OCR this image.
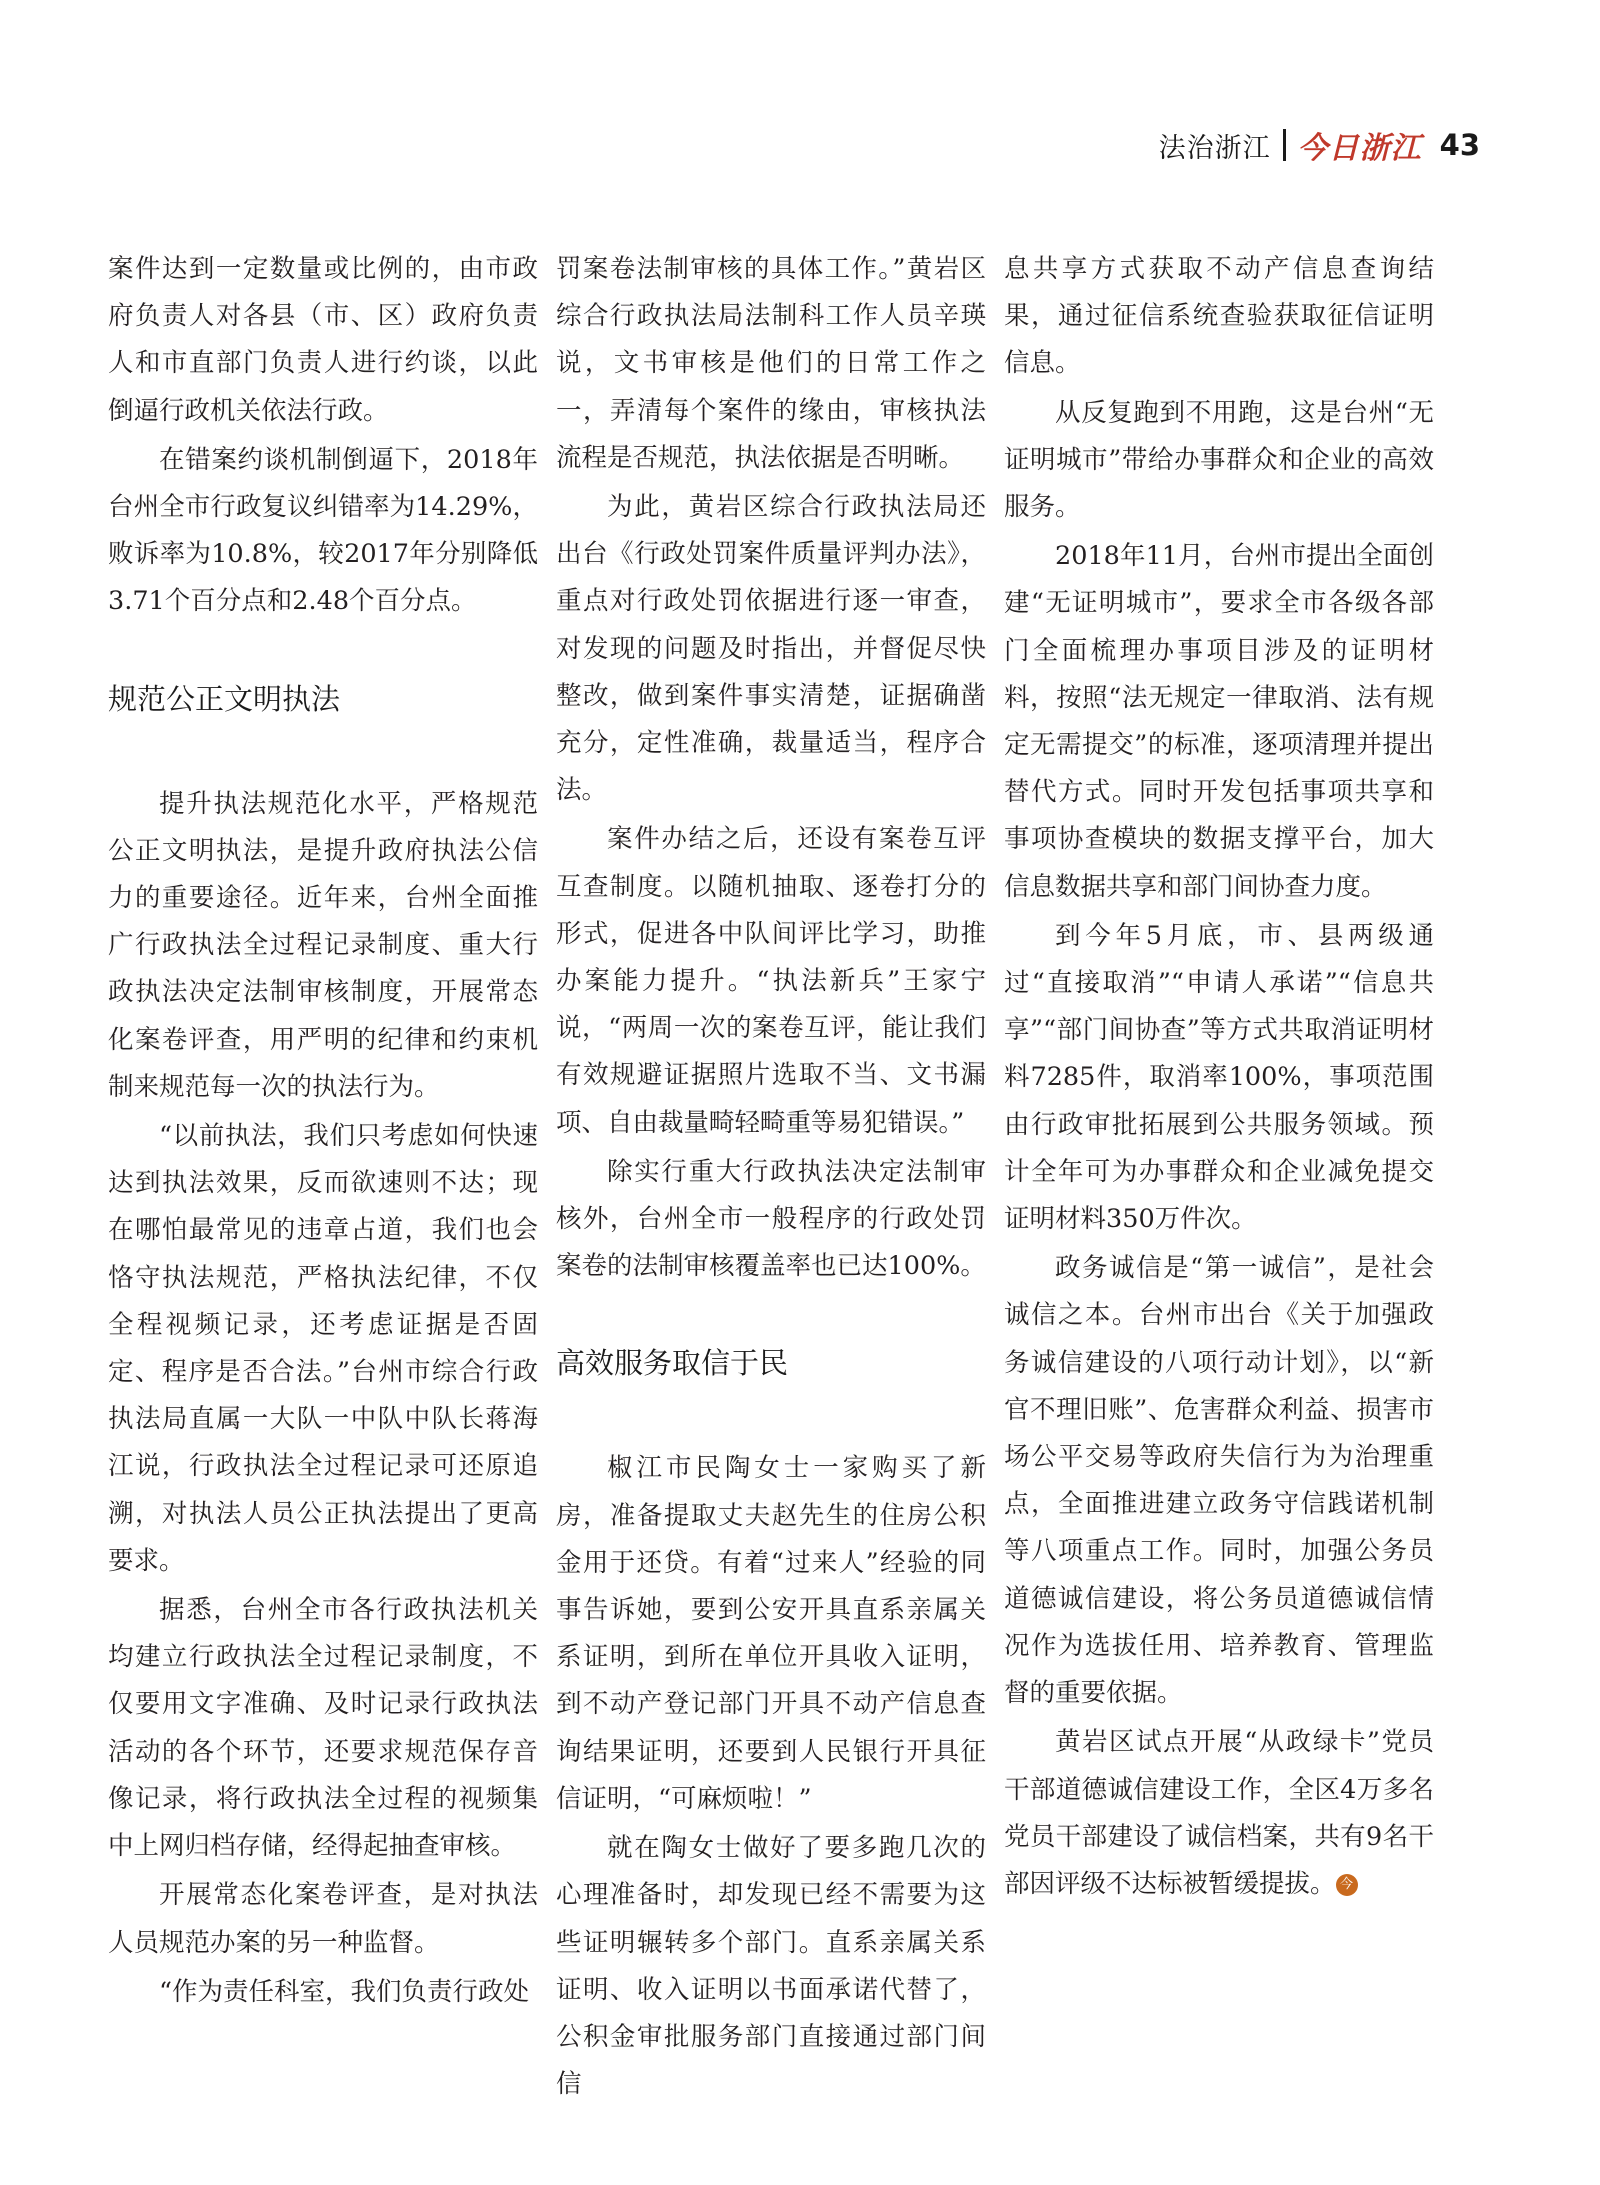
法治浙江 今日浙江 43

案件达到一定数量或比例的，由市政府负责人对各县（市、区）政府负责人和市直部门负责人进行约谈，以此倒逼行政机关依法行政。

在错案约谈机制倒逼下，2018年台州全市行政复议纠错率为14.29%，败诉率为10.8%，较2017年分别降低3.71个百分点和2.48个百分点。

规范公正文明执法

提升执法规范化水平，严格规范公正文明执法，是提升政府执法公信力的重要途径。近年来，台州全面推广行政执法全过程记录制度、重大行政执法决定法制审核制度，开展常态化案卷评查，用严明的纪律和约束机制来规范每一次的执法行为。

“以前执法，我们只考虑如何快速达到执法效果，反而欲速则不达；现在哪怕最常见的违章占道，我们也会恪守执法规范，严格执法纪律，不仅全程视频记录，还考虑证据是否固定、程序是否合法。”台州市综合行政执法局直属一大队一中队中队长蒋海江说，行政执法全过程记录可还原追溯，对执法人员公正执法提出了更高要求。

据悉，台州全市各行政执法机关均建立行政执法全过程记录制度，不仅要用文字准确、及时记录行政执法活动的各个环节，还要求规范保存音像记录，将行政执法全过程的视频集中上网归档存储，经得起抽查审核。

开展常态化案卷评查，是对执法人员规范办案的另一种监督。

“作为责任科室，我们负责行政处

罚案卷法制审核的具体工作。”黄岩区综合行政执法局法制科工作人员辛瑛说，文书审核是他们的日常工作之一，弄清每个案件的缘由，审核执法流程是否规范，执法依据是否明晰。

为此，黄岩区综合行政执法局还出台《行政处罚案件质量评判办法》，重点对行政处罚依据进行逐一审查，对发现的问题及时指出，并督促尽快整改，做到案件事实清楚，证据确凿充分，定性准确，裁量适当，程序合法。

案件办结之后，还设有案卷互评互查制度。以随机抽取、逐卷打分的形式，促进各中队间评比学习，助推办案能力提升。“执法新兵”王家宁说，“两周一次的案卷互评，能让我们有效规避证据照片选取不当、文书漏项、自由裁量畸轻畸重等易犯错误。”

除实行重大行政执法决定法制审核外，台州全市一般程序的行政处罚案卷的法制审核覆盖率也已达100%。

高效服务取信于民

椒江市民陶女士一家购买了新房，准备提取丈夫赵先生的住房公积金用于还贷。有着“过来人”经验的同事告诉她，要到公安开具直系亲属关系证明，到所在单位开具收入证明，到不动产登记部门开具不动产信息查询结果证明，还要到人民银行开具征信证明，“可麻烦啦！”

就在陶女士做好了要多跑几次的心理准备时，却发现已经不需要为这些证明辗转多个部门。直系亲属关系证明、收入证明以书面承诺代替了，公积金审批服务部门直接通过部门间信

息共享方式获取不动产信息查询结果，通过征信系统查验获取征信证明信息。

从反复跑到不用跑，这是台州“无证明城市”带给办事群众和企业的高效服务。

2018年11月，台州市提出全面创建“无证明城市”，要求全市各级各部门全面梳理办事项目涉及的证明材料，按照“法无规定一律取消、法有规定无需提交”的标准，逐项清理并提出替代方式。同时开发包括事项共享和事项协查模块的数据支撑平台，加大信息数据共享和部门间协查力度。

到今年5月底，市、县两级通过“直接取消”“申请人承诺”“信息共享”“部门间协查”等方式共取消证明材料7285件，取消率100%，事项范围由行政审批拓展到公共服务领域。预计全年可为办事群众和企业减免提交证明材料350万件次。

政务诚信是“第一诚信”，是社会诚信之本。台州市出台《关于加强政务诚信建设的八项行动计划》，以“新官不理旧账”、危害群众利益、损害市场公平交易等政府失信行为为治理重点，全面推进建立政务守信践诺机制等八项重点工作。同时，加强公务员道德诚信建设，将公务员道德诚信情况作为选拔任用、培养教育、管理监督的重要依据。

黄岩区试点开展“从政绿卡”党员干部道德诚信建设工作，全区4万多名党员干部建设了诚信档案，共有9名干部因评级不达标被暂缓提拔。 今
